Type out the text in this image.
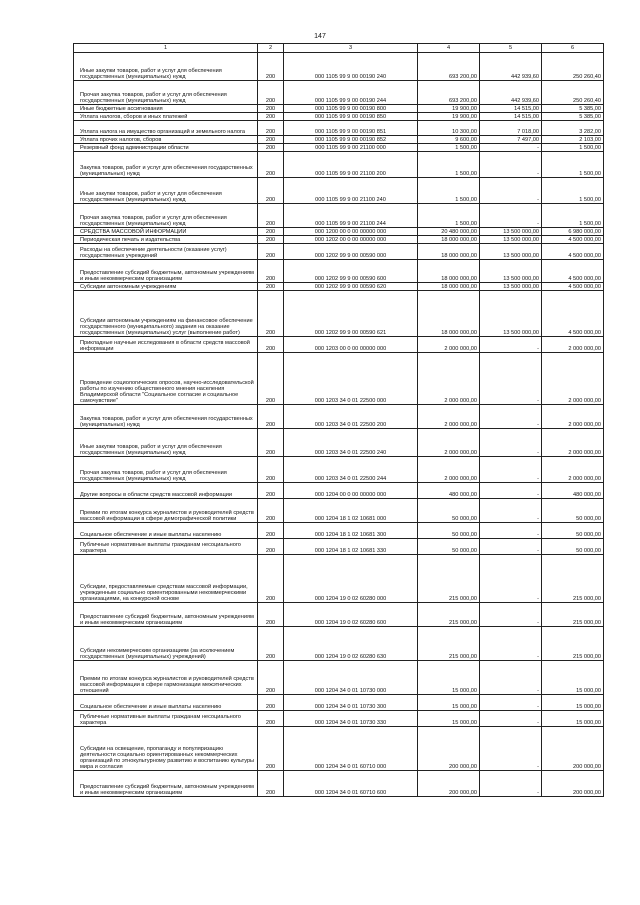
147
1	2	3	4	5	6
Иные закупки товаров, работ и услуг для обеспечения государственных (муниципальных) нужд	200	000 1105 99 9 00 00190 240	693 200,00	442 939,60	250 260,40
Прочая закупка товаров, работ и услуг для обеспечения государственных (муниципальных) нужд	200	000 1105 99 9 00 00190 244	693 200,00	442 939,60	250 260,40
Иные бюджетные ассигнования	200	000 1105 99 9 00 00190 800	19 900,00	14 515,00	5 385,00
Уплата налогов, сборов и иных платежей	200	000 1105 99 9 00 00190 850	19 900,00	14 515,00	5 385,00
Уплата налога на имущество организаций и земельного налога	200	000 1105 99 9 00 00190 851	10 300,00	7 018,00	3 282,00
Уплата прочих налогов, сборов	200	000 1105 99 9 00 00190 852	9 600,00	7 497,00	2 103,00
Резервный фонд администрации области	200	000 1105 99 9 00 21100 000	1 500,00	-	1 500,00
Закупка товаров, работ и услуг для обеспечения государственных (муниципальных) нужд	200	000 1105 99 9 00 21100 200	1 500,00	-	1 500,00
Иные закупки товаров, работ и услуг для обеспечения государственных (муниципальных) нужд	200	000 1105 99 9 00 21100 240	1 500,00	-	1 500,00
Прочая закупка товаров, работ и услуг для обеспечения государственных (муниципальных) нужд	200	000 1105 99 9 00 21100 244	1 500,00	-	1 500,00
СРЕДСТВА МАССОВОЙ ИНФОРМАЦИИ	200	000 1200 00 0 00 00000 000	20 480 000,00	13 500 000,00	6 980 000,00
Периодическая печать и издательства	200	000 1202 00 0 00 00000 000	18 000 000,00	13 500 000,00	4 500 000,00
Расходы на обеспечение деятельности (оказание услуг) государственных учреждений	200	000 1202 99 9 00 00590 000	18 000 000,00	13 500 000,00	4 500 000,00
Предоставление субсидий бюджетным, автономным учреждениям и иным некоммерческим организациям	200	000 1202 99 9 00 00590 600	18 000 000,00	13 500 000,00	4 500 000,00
Субсидии автономным учреждениям	200	000 1202 99 9 00 00590 620	18 000 000,00	13 500 000,00	4 500 000,00
Субсидии автономным учреждениям на финансовое обеспечение государственного (муниципального) задания на оказание государственных (муниципальных) услуг (выполнение работ)	200	000 1202 99 9 00 00590 621	18 000 000,00	13 500 000,00	4 500 000,00
Прикладные научные исследования в области средств массовой информации	200	000 1203 00 0 00 00000 000	2 000 000,00	-	2 000 000,00
Проведение социологических опросов, научно-исследовательской работы по изучению общественного мнения населения Владимирской области "Социальное согласие и социальное самочувствие"	200	000 1203 34 0 01 22500 000	2 000 000,00	-	2 000 000,00
Закупка товаров, работ и услуг для обеспечения государственных (муниципальных) нужд	200	000 1203 34 0 01 22500 200	2 000 000,00	-	2 000 000,00
Иные закупки товаров, работ и услуг для обеспечения государственных (муниципальных) нужд	200	000 1203 34 0 01 22500 240	2 000 000,00	-	2 000 000,00
Прочая закупка товаров, работ и услуг для обеспечения государственных (муниципальных) нужд	200	000 1203 34 0 01 22500 244	2 000 000,00	-	2 000 000,00
Другие вопросы в области средств массовой информации	200	000 1204 00 0 00 00000 000	480 000,00	-	480 000,00
Премии по итогам конкурса журналистов и руководителей средств массовой информации в сфере демографической политики	200	000 1204 18 1 02 10681 000	50 000,00	-	50 000,00
Социальное обеспечение и иные выплаты населению	200	000 1204 18 1 02 10681 300	50 000,00	-	50 000,00
Публичные нормативные выплаты гражданам несоциального характера	200	000 1204 18 1 02 10681 330	50 000,00	-	50 000,00
Субсидии, предоставляемые средствам массовой информации, учрежденным социально ориентированными некоммерческими организациями, на конкурсной основе	200	000 1204 19 0 02 60280 000	215 000,00	-	215 000,00
Предоставление субсидий бюджетным, автономным учреждениям и иным некоммерческим организациям	200	000 1204 19 0 02 60280 600	215 000,00	-	215 000,00
Субсидии некоммерческим организациям (за исключением государственных (муниципальных) учреждений)	200	000 1204 19 0 02 60280 630	215 000,00	-	215 000,00
Премии по итогам конкурса журналистов и руководителей средств массовой информации в сфере гармонизации межэтнических отношений	200	000 1204 34 0 01 10730 000	15 000,00	-	15 000,00
Социальное обеспечение и иные выплаты населению	200	000 1204 34 0 01 10730 300	15 000,00	-	15 000,00
Публичные нормативные выплаты гражданам несоциального характера	200	000 1204 34 0 01 10730 330	15 000,00	-	15 000,00
Субсидии на освещение, пропаганду и популяризацию деятельности социально ориентированных некоммерческих организаций по этнокультурному развитию и воспитанию культуры мира и согласия	200	000 1204 34 0 01 60710 000	200 000,00	-	200 000,00
Предоставление субсидий бюджетным, автономным учреждениям и иным некоммерческим организациям	200	000 1204 34 0 01 60710 600	200 000,00	-	200 000,00
